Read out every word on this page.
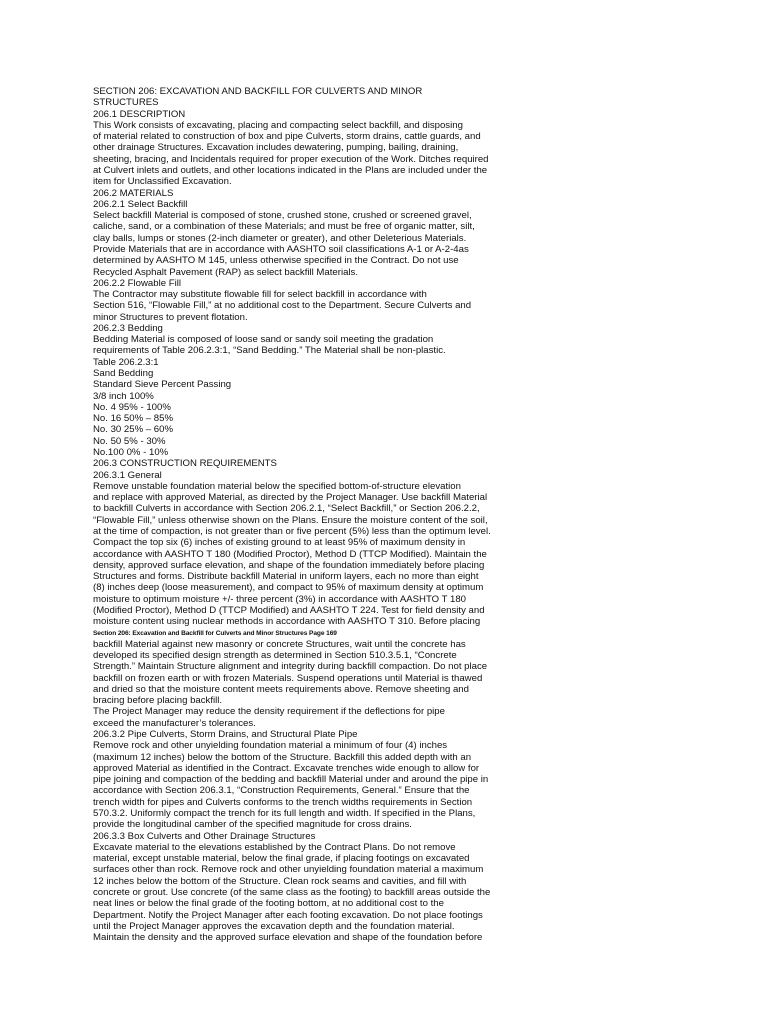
SECTION 206: EXCAVATION AND BACKFILL FOR CULVERTS AND MINOR
STRUCTURES
206.1 DESCRIPTION
This Work consists of excavating, placing and compacting select backfill, and disposing
of material related to construction of box and pipe Culverts, storm drains, cattle guards, and
other drainage Structures. Excavation includes dewatering, pumping, bailing, draining,
sheeting, bracing, and Incidentals required for proper execution of the Work. Ditches required
at Culvert inlets and outlets, and other locations indicated in the Plans are included under the
item for Unclassified Excavation.
206.2 MATERIALS
206.2.1 Select Backfill
Select backfill Material is composed of stone, crushed stone, crushed or screened gravel,
caliche, sand, or a combination of these Materials; and must be free of organic matter, silt,
clay balls, lumps or stones (2-inch diameter or greater), and other Deleterious Materials.
Provide Materials that are in accordance with AASHTO soil classifications A-1 or A-2-4as
determined by AASHTO M 145, unless otherwise specified in the Contract. Do not use
Recycled Asphalt Pavement (RAP) as select backfill Materials.
206.2.2 Flowable Fill
The Contractor may substitute flowable fill for select backfill in accordance with
Section 516, “Flowable Fill,” at no additional cost to the Department. Secure Culverts and
minor Structures to prevent flotation.
206.2.3 Bedding
Bedding Material is composed of loose sand or sandy soil meeting the gradation
requirements of Table 206.2.3:1, “Sand Bedding.” The Material shall be non-plastic.
Table 206.2.3:1
Sand Bedding
Standard Sieve Percent Passing
3/8 inch 100%
No. 4 95% - 100%
No. 16 50% – 85%
No. 30 25% – 60%
No. 50 5% - 30%
No.100 0% - 10%
206.3 CONSTRUCTION REQUIREMENTS
206.3.1 General
Remove unstable foundation material below the specified bottom-of-structure elevation
and replace with approved Material, as directed by the Project Manager. Use backfill Material
to backfill Culverts in accordance with Section 206.2.1, “Select Backfill,” or Section 206.2.2,
“Flowable Fill,” unless otherwise shown on the Plans. Ensure the moisture content of the soil,
at the time of compaction, is not greater than or five percent (5%) less than the optimum level.
Compact the top six (6) inches of existing ground to at least 95% of maximum density in
accordance with AASHTO T 180 (Modified Proctor), Method D (TTCP Modified). Maintain the
density, approved surface elevation, and shape of the foundation immediately before placing
Structures and forms. Distribute backfill Material in uniform layers, each no more than eight
(8) inches deep (loose measurement), and compact to 95% of maximum density at optimum
moisture to optimum moisture +/- three percent (3%) in accordance with AASHTO T 180
(Modified Proctor), Method D (TTCP Modified) and AASHTO T 224. Test for field density and
moisture content using nuclear methods in accordance with AASHTO T 310. Before placing
Section 206: Excavation and Backfill for Culverts and Minor Structures Page 169
backfill Material against new masonry or concrete Structures, wait until the concrete has
developed its specified design strength as determined in Section 510.3.5.1, “Concrete
Strength.” Maintain Structure alignment and integrity during backfill compaction. Do not place
backfill on frozen earth or with frozen Materials. Suspend operations until Material is thawed
and dried so that the moisture content meets requirements above. Remove sheeting and
bracing before placing backfill.
The Project Manager may reduce the density requirement if the deflections for pipe
exceed the manufacturer’s tolerances.
206.3.2 Pipe Culverts, Storm Drains, and Structural Plate Pipe
Remove rock and other unyielding foundation material a minimum of four (4) inches
(maximum 12 inches) below the bottom of the Structure. Backfill this added depth with an
approved Material as identified in the Contract. Excavate trenches wide enough to allow for
pipe joining and compaction of the bedding and backfill Material under and around the pipe in
accordance with Section 206.3.1, “Construction Requirements, General.” Ensure that the
trench width for pipes and Culverts conforms to the trench widths requirements in Section
570.3.2. Uniformly compact the trench for its full length and width. If specified in the Plans,
provide the longitudinal camber of the specified magnitude for cross drains.
206.3.3 Box Culverts and Other Drainage Structures
Excavate material to the elevations established by the Contract Plans. Do not remove
material, except unstable material, below the final grade, if placing footings on excavated
surfaces other than rock. Remove rock and other unyielding foundation material a maximum
12 inches below the bottom of the Structure. Clean rock seams and cavities, and fill with
concrete or grout. Use concrete (of the same class as the footing) to backfill areas outside the
neat lines or below the final grade of the footing bottom, at no additional cost to the
Department. Notify the Project Manager after each footing excavation. Do not place footings
until the Project Manager approves the excavation depth and the foundation material.
Maintain the density and the approved surface elevation and shape of the foundation before
